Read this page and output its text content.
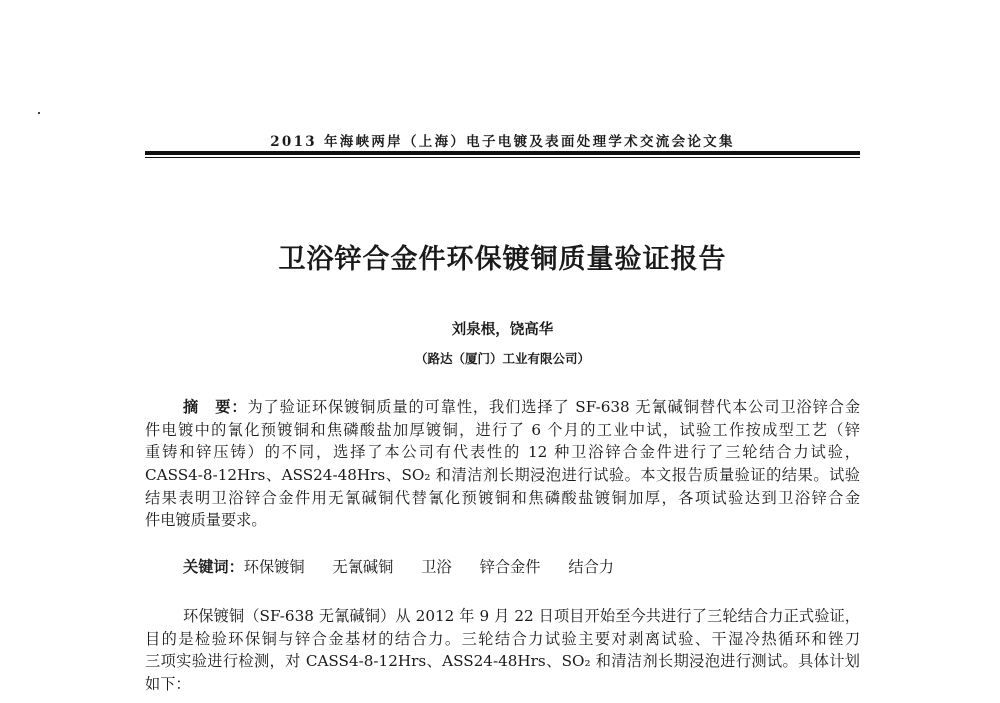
2013 年海峡两岸（上海）电子电镀及表面处理学术交流会论文集
卫浴锌合金件环保镀铜质量验证报告
刘泉根，饶高华
（路达（厦门）工业有限公司）
摘　要：为了验证环保镀铜质量的可靠性，我们选择了 SF-638 无氰碱铜替代本公司卫浴锌合金
件电镀中的氰化预镀铜和焦磷酸盐加厚镀铜，进行了 6 个月的工业中试，试验工作按成型工艺（锌
重铸和锌压铸）的不同，选择了本公司有代表性的 12 种卫浴锌合金件进行了三轮结合力试验，
CASS4-8-12Hrs、ASS24-48Hrs、SO₂ 和清洁剂长期浸泡进行试验。本文报告质量验证的结果。试验
结果表明卫浴锌合金件用无氰碱铜代替氰化预镀铜和焦磷酸盐镀铜加厚，各项试验达到卫浴锌合金
件电镀质量要求。
关键词：环保镀铜 无氰碱铜 卫浴 锌合金件 结合力
环保镀铜（SF-638 无氰碱铜）从 2012 年 9 月 22 日项目开始至今共进行了三轮结合力正式验证，
目的是检验环保铜与锌合金基材的结合力。三轮结合力试验主要对剥离试验、干湿冷热循环和锉刀
三项实验进行检测，对 CASS4-8-12Hrs、ASS24-48Hrs、SO₂ 和清洁剂长期浸泡进行测试。具体计划
如下：
